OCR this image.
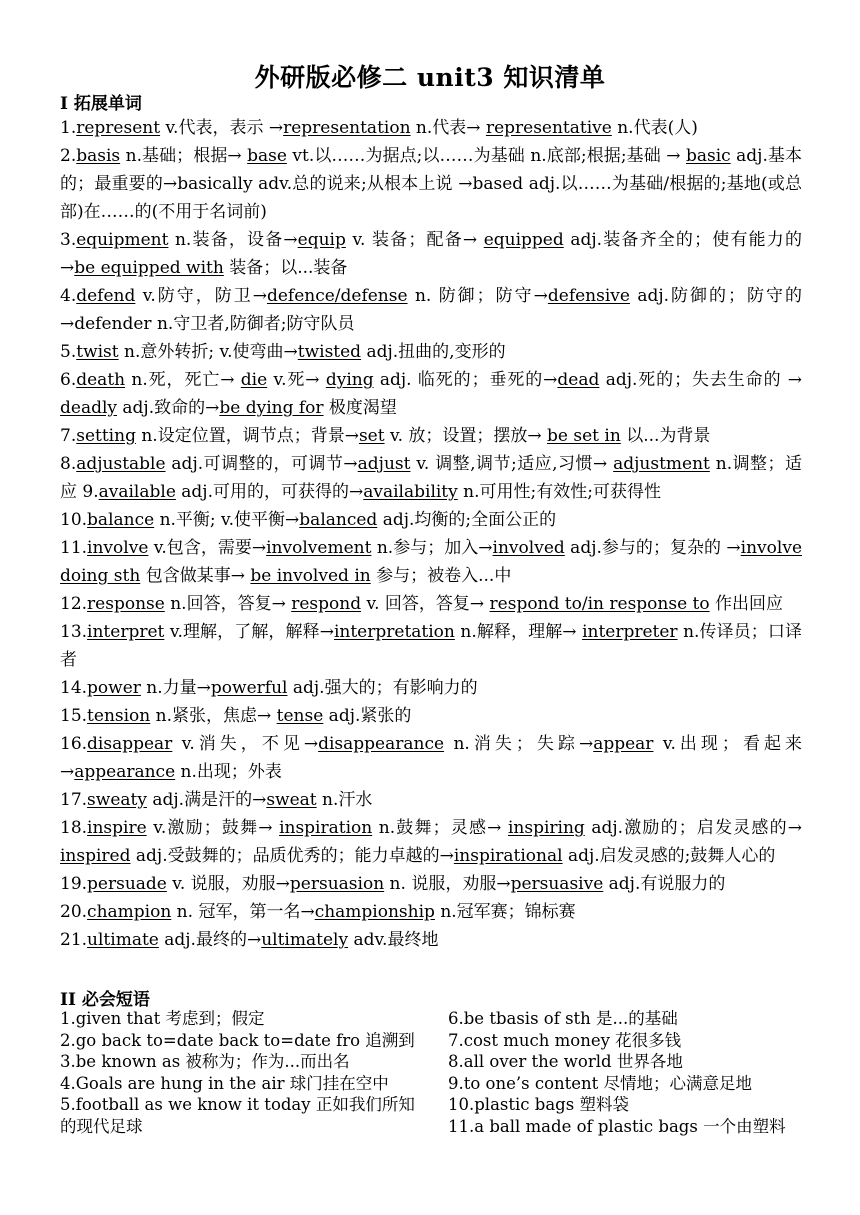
外研版必修二 unit3 知识清单
I 拓展单词
1.represent v.代表，表示 →representation n.代表→ representative n.代表(人)
2.basis n.基础；根据→ base vt.以……为据点;以……为基础 n.底部;根据;基础 → basic adj.基本的；最重要的→basically adv.总的说来;从根本上说 →based adj.以……为基础/根据的;基地(或总部)在……的(不用于名词前)
3.equipment n.装备，设备→equip v. 装备；配备→ equipped adj.装备齐全的；使有能力的→be equipped with 装备；以...装备
4.defend v.防守，防卫→defence/defense n. 防御；防守→defensive adj.防御的；防守的 →defender n.守卫者,防御者;防守队员
5.twist n.意外转折; v.使弯曲→twisted adj.扭曲的,变形的
6.death n.死，死亡→ die v.死→ dying adj. 临死的；垂死的→dead adj.死的；失去生命的 → deadly adj.致命的→be dying for 极度渴望
7.setting n.设定位置，调节点；背景→set v. 放；设置；摆放→ be set in 以...为背景
8.adjustable adj.可调整的，可调节→adjust v. 调整,调节;适应,习惯→ adjustment n.调整；适应 9.available adj.可用的，可获得的→availability n.可用性;有效性;可获得性
10.balance n.平衡; v.使平衡→balanced adj.均衡的;全面公正的
11.involve v.包含，需要→involvement n.参与；加入→involved adj.参与的；复杂的 →involve doing sth 包含做某事→ be involved in 参与；被卷入...中
12.response n.回答，答复→ respond v. 回答，答复→ respond to/in response to 作出回应
13.interpret v.理解，了解，解释→interpretation n.解释，理解→ interpreter n.传译员；口译者
14.power n.力量→powerful adj.强大的；有影响力的
15.tension n.紧张，焦虑→ tense adj.紧张的
16.disappear v.消失，不见→disappearance n.消失；失踪→appear v.出现；看起来 →appearance n.出现；外表
17.sweaty adj.满是汗的→sweat n.汗水
18.inspire v.激励；鼓舞→ inspiration n.鼓舞；灵感→ inspiring adj.激励的；启发灵感的→ inspired adj.受鼓舞的；品质优秀的；能力卓越的→inspirational adj.启发灵感的;鼓舞人心的
19.persuade v. 说服，劝服→persuasion n. 说服，劝服→persuasive adj.有说服力的
20.champion n. 冠军，第一名→championship n.冠军赛；锦标赛
21.ultimate adj.最终的→ultimately adv.最终地
II 必会短语
1.given that 考虑到；假定
2.go back to=date back to=date fro 追溯到
3.be known as 被称为；作为...而出名
4.Goals are hung in the air 球门挂在空中
5.football as we know it today 正如我们所知的现代足球
6.be tbasis of sth 是...的基础
7.cost much money 花很多钱
8.all over the world 世界各地
9.to one’s content 尽情地；心满意足地
10.plastic bags 塑料袋
11.a ball made of plastic bags 一个由塑料
